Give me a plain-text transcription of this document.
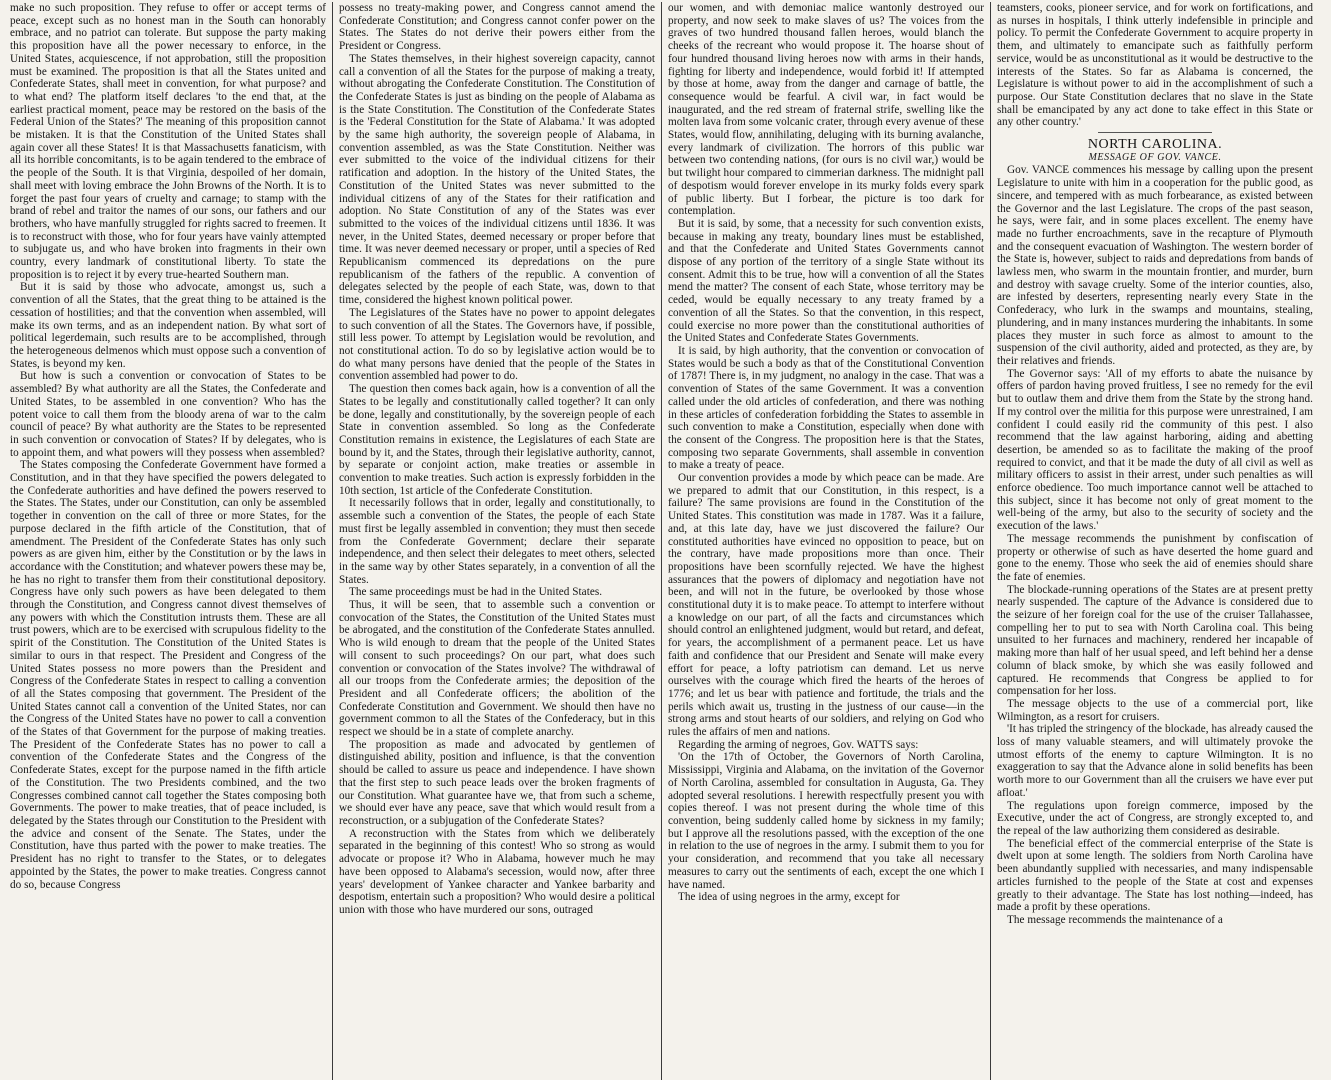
make no such proposition. They refuse to offer or accept terms of peace, except such as no honest man in the South can honorably embrace, and no patriot can tolerate. But suppose the party making this proposition have all the power necessary to enforce, in the United States, acquiescence, if not approbation, still the proposition must be examined. The proposition is that all the States united and Confederate States, shall meet in convention, for what purpose? and to what end? The platform itself declares 'to the end that, at the earliest practical moment, peace may be restored on the basis of the Federal Union of the States?' The meaning of this proposition cannot be mistaken. It is that the Constitution of the United States shall again cover all these States! It is that Massachusetts fanaticism, with all its horrible concomitants, is to be again tendered to the embrace of the people of the South. It is that Virginia, despoiled of her domain, shall meet with loving embrace the John Browns of the North. It is to forget the past four years of cruelty and carnage; to stamp with the brand of rebel and traitor the names of our sons, our fathers and our brothers, who have manfully struggled for rights sacred to freemen. It is to reconstruct with those, who for four years have vainly attempted to subjugate us, and who have broken into fragments in their own country, every landmark of constitutional liberty. To state the proposition is to reject it by every true-hearted Southern man.

But it is said by those who advocate, amongst us, such a convention of all the States, that the great thing to be attained is the cessation of hostilities; and that the convention when assembled, will make its own terms, and as an independent nation. By what sort of political legerdemain, such results are to be accomplished, through the heterogeneous delmenos which must oppose such a convention of States, is beyond my ken.

But how is such a convention or convocation of States to be assembled? By what authority are all the States, the Confederate and United States, to be assembled in one convention? Who has the potent voice to call them from the bloody arena of war to the calm council of peace? By what authority are the States to be represented in such convention or convocation of States? If by delegates, who is to appoint them, and what powers will they possess when assembled?

The States composing the Confederate Government have formed a Constitution, and in that they have specified the powers delegated to the Confederate authorities and have defined the powers reserved to the States. The States, under our Constitution, can only be assembled together in convention on the call of three or more States, for the purpose declared in the fifth article of the Constitution, that of amendment. The President of the Confederate States has only such powers as are given him, either by the Constitution or by the laws in accordance with the Constitution; and whatever powers these may be, he has no right to transfer them from their constitutional depository. Congress have only such powers as have been delegated to them through the Constitution, and Congress cannot divest themselves of any powers with which the Constitution intrusts them. These are all trust powers, which are to be exercised with scrupulous fidelity to the spirit of the Constitution. The Constitution of the United States is similar to ours in that respect. The President and Congress of the United States possess no more powers than the President and Congress of the Confederate States in respect to calling a convention of all the States composing that government. The President of the United States cannot call a convention of the United States, nor can the Congress of the United States have no power to call a convention of the States of that Government for the purpose of making treaties. The President of the Confederate States has no power to call a convention of the Confederate States and the Congress of the Confederate States, except for the purpose named in the fifth article of the Constitution. The two Presidents combined, and the two Congresses combined cannot call together the States composing both Governments. The power to make treaties, that of peace included, is delegated by the States through our Constitution to the President with the advice and consent of the Senate. The States, under the Constitution, have thus parted with the power to make treaties. The President has no right to transfer to the States, or to delegates appointed by the States, the power to make treaties. Congress cannot do so, because Congress

possess no treaty-making power, and Congress cannot amend the Confederate Constitution; and Congress cannot confer power on the States. The States do not derive their powers either from the President or Congress.

The States themselves, in their highest sovereign capacity, cannot call a convention of all the States for the purpose of making a treaty, without abrogating the Confederate Constitution. The Constitution of the Confederate States is just as binding on the people of Alabama as is the State Constitution. The Constitution of the Confederate States is the 'Federal Constitution for the State of Alabama.' It was adopted by the same high authority, the sovereign people of Alabama, in convention assembled, as was the State Constitution. Neither was ever submitted to the voice of the individual citizens for their ratification and adoption. In the history of the United States, the Constitution of the United States was never submitted to the individual citizens of any of the States for their ratification and adoption. No State Constitution of any of the States was ever submitted to the voices of the individual citizens until 1836. It was never, in the United States, deemed necessary or proper before that time. It was never deemed necessary or proper, until a species of Red Republicanism commenced its depredations on the pure republicanism of the fathers of the republic. A convention of delegates selected by the people of each State, was, down to that time, considered the highest known political power.

The Legislatures of the States have no power to appoint delegates to such convention of all the States. The Governors have, if possible, still less power. To attempt by Legislation would be revolution, and not constitutional action. To do so by legislative action would be to do what many persons have denied that the people of the States in convention assembled had power to do.

The question then comes back again, how is a convention of all the States to be legally and constitutionally called together? It can only be done, legally and constitutionally, by the sovereign people of each State in convention assembled. So long as the Confederate Constitution remains in existence, the Legislatures of each State are bound by it, and the States, through their legislative authority, cannot, by separate or conjoint action, make treaties or assemble in convention to make treaties. Such action is expressly forbidden in the 10th section, 1st article of the Confederate Constitution.

It necessarily follows that in order, legally and constitutionally, to assemble such a convention of the States, the people of each State must first be legally assembled in convention; they must then secede from the Confederate Government; declare their separate independence, and then select their delegates to meet others, selected in the same way by other States separately, in a convention of all the States.

The same proceedings must be had in the United States.

Thus, it will be seen, that to assemble such a convention or convocation of the States, the Constitution of the United States must be abrogated, and the constitution of the Confederate States annulled. Who is wild enough to dream that the people of the United States will consent to such proceedings? On our part, what does such convention or convocation of the States involve? The withdrawal of all our troops from the Confederate armies; the deposition of the President and all Confederate officers; the abolition of the Confederate Constitution and Government. We should then have no government common to all the States of the Confederacy, but in this respect we should be in a state of complete anarchy.

The proposition as made and advocated by gentlemen of distinguished ability, position and influence, is that the convention should be called to assure us peace and independence. I have shown that the first step to such peace leads over the broken fragments of our Constitution. What guarantee have we, that from such a scheme, we should ever have any peace, save that which would result from a reconstruction, or a subjugation of the Confederate States?

A reconstruction with the States from which we deliberately separated in the beginning of this contest! Who so strong as would advocate or propose it? Who in Alabama, however much he may have been opposed to Alabama's secession, would now, after three years' development of Yankee character and Yankee barbarity and despotism, entertain such a proposition? Who would desire a political union with those who have murdered our sons, outraged

our women, and with demoniac malice wantonly destroyed our property, and now seek to make slaves of us? The voices from the graves of two hundred thousand fallen heroes, would blanch the cheeks of the recreant who would propose it. The hoarse shout of four hundred thousand living heroes now with arms in their hands, fighting for liberty and independence, would forbid it! If attempted by those at home, away from the danger and carnage of battle, the consequence would be fearful. A civil war, in fact would be inaugurated, and the red stream of fraternal strife, swelling like the molten lava from some volcanic crater, through every avenue of these States, would flow, annihilating, deluging with its burning avalanche, every landmark of civilization. The horrors of this public war between two contending nations, (for ours is no civil war,) would be but twilight hour compared to cimmerian darkness. The midnight pall of despotism would forever envelope in its murky folds every spark of public liberty. But I forbear, the picture is too dark for contemplation.

But it is said, by some, that a necessity for such convention exists, because in making any treaty, boundary lines must be established, and that the Confederate and United States Governments cannot dispose of any portion of the territory of a single State without its consent. Admit this to be true, how will a convention of all the States mend the matter? The consent of each State, whose territory may be ceded, would be equally necessary to any treaty framed by a convention of all the States. So that the convention, in this respect, could exercise no more power than the constitutional authorities of the United States and Confederate States Governments.

It is said, by high authority, that the convention or convocation of States would be such a body as that of the Constitutional Convention of 1787! There is, in my judgment, no analogy in the case. That was a convention of States of the same Government. It was a convention called under the old articles of confederation, and there was nothing in these articles of confederation forbidding the States to assemble in such convention to make a Constitution, especially when done with the consent of the Congress. The proposition here is that the States, composing two separate Governments, shall assemble in convention to make a treaty of peace.

Our convention provides a mode by which peace can be made. Are we prepared to admit that our Constitution, in this respect, is a failure? The same provisions are found in the Constitution of the United States. This constitution was made in 1787. Was it a failure, and, at this late day, have we just discovered the failure? Our constituted authorities have evinced no opposition to peace, but on the contrary, have made propositions more than once. Their propositions have been scornfully rejected. We have the highest assurances that the powers of diplomacy and negotiation have not been, and will not in the future, be overlooked by those whose constitutional duty it is to make peace. To attempt to interfere without a knowledge on our part, of all the facts and circumstances which should control an enlightened judgment, would but retard, and defeat, for years, the accomplishment of a permanent peace. Let us have faith and confidence that our President and Senate will make every effort for peace, a lofty patriotism can demand. Let us nerve ourselves with the courage which fired the hearts of the heroes of 1776; and let us bear with patience and fortitude, the trials and the perils which await us, trusting in the justness of our cause—in the strong arms and stout hearts of our soldiers, and relying on God who rules the affairs of men and nations.

Regarding the arming of negroes, Gov. WATTS says:

'On the 17th of October, the Governors of North Carolina, Mississippi, Virginia and Alabama, on the invitation of the Governor of North Carolina, assembled for consultation in Augusta, Ga. They adopted several resolutions. I herewith respectfully present you with copies thereof. I was not present during the whole time of this convention, being suddenly called home by sickness in my family; but I approve all the resolutions passed, with the exception of the one in relation to the use of negroes in the army. I submit them to you for your consideration, and recommend that you take all necessary measures to carry out the sentiments of each, except the one which I have named.

The idea of using negroes in the army, except for

teamsters, cooks, pioneer service, and for work on fortifications, and as nurses in hospitals, I think utterly indefensible in principle and policy. To permit the Confederate Government to acquire property in them, and ultimately to emancipate such as faithfully perform service, would be as unconstitutional as it would be destructive to the interests of the States. So far as Alabama is concerned, the Legislature is without power to aid in the accomplishment of such a purpose. Our State Constitution declares that no slave in the State shall be emancipated by any act done to take effect in this State or any other country.'

NORTH CAROLINA.

MESSAGE OF GOV. VANCE.

Gov. VANCE commences his message by calling upon the present Legislature to unite with him in a cooperation for the public good, as sincere, and tempered with as much forbearance, as existed between the Governor and the last Legislature. The crops of the past season, he says, were fair, and in some places excellent. The enemy have made no further encroachments, save in the recapture of Plymouth and the consequent evacuation of Washington. The western border of the State is, however, subject to raids and depredations from bands of lawless men, who swarm in the mountain frontier, and murder, burn and destroy with savage cruelty. Some of the interior counties, also, are infested by deserters, representing nearly every State in the Confederacy, who lurk in the swamps and mountains, stealing, plundering, and in many instances murdering the inhabitants. In some places they muster in such force as almost to amount to the suspension of the civil authority, aided and protected, as they are, by their relatives and friends.

The Governor says: 'All of my efforts to abate the nuisance by offers of pardon having proved fruitless, I see no remedy for the evil but to outlaw them and drive them from the State by the strong hand. If my control over the militia for this purpose were unrestrained, I am confident I could easily rid the community of this pest. I also recommend that the law against harboring, aiding and abetting desertion, be amended so as to facilitate the making of the proof required to convict, and that it be made the duty of all civil as well as military officers to assist in their arrest, under such penalties as will enforce obedience. Too much importance cannot well be attached to this subject, since it has become not only of great moment to the well-being of the army, but also to the security of society and the execution of the laws.'

The message recommends the punishment by confiscation of property or otherwise of such as have deserted the home guard and gone to the enemy. Those who seek the aid of enemies should share the fate of enemies.

The blockade-running operations of the States are at present pretty nearly suspended. The capture of the Advance is considered due to the seizure of her foreign coal for the use of the cruiser Tallahassee, compelling her to put to sea with North Carolina coal. This being unsuited to her furnaces and machinery, rendered her incapable of making more than half of her usual speed, and left behind her a dense column of black smoke, by which she was easily followed and captured. He recommends that Congress be applied to for compensation for her loss.

The message objects to the use of a commercial port, like Wilmington, as a resort for cruisers.

'It has tripled the stringency of the blockade, has already caused the loss of many valuable steamers, and will ultimately provoke the utmost efforts of the enemy to capture Wilmington. It is no exaggeration to say that the Advance alone in solid benefits has been worth more to our Government than all the cruisers we have ever put afloat.'

The regulations upon foreign commerce, imposed by the Executive, under the act of Congress, are strongly excepted to, and the repeal of the law authorizing them considered as desirable.

The beneficial effect of the commercial enterprise of the State is dwelt upon at some length. The soldiers from North Carolina have been abundantly supplied with necessaries, and many indispensable articles furnished to the people of the State at cost and expenses greatly to their advantage. The State has lost nothing—indeed, has made a profit by these operations.

The message recommends the maintenance of a
